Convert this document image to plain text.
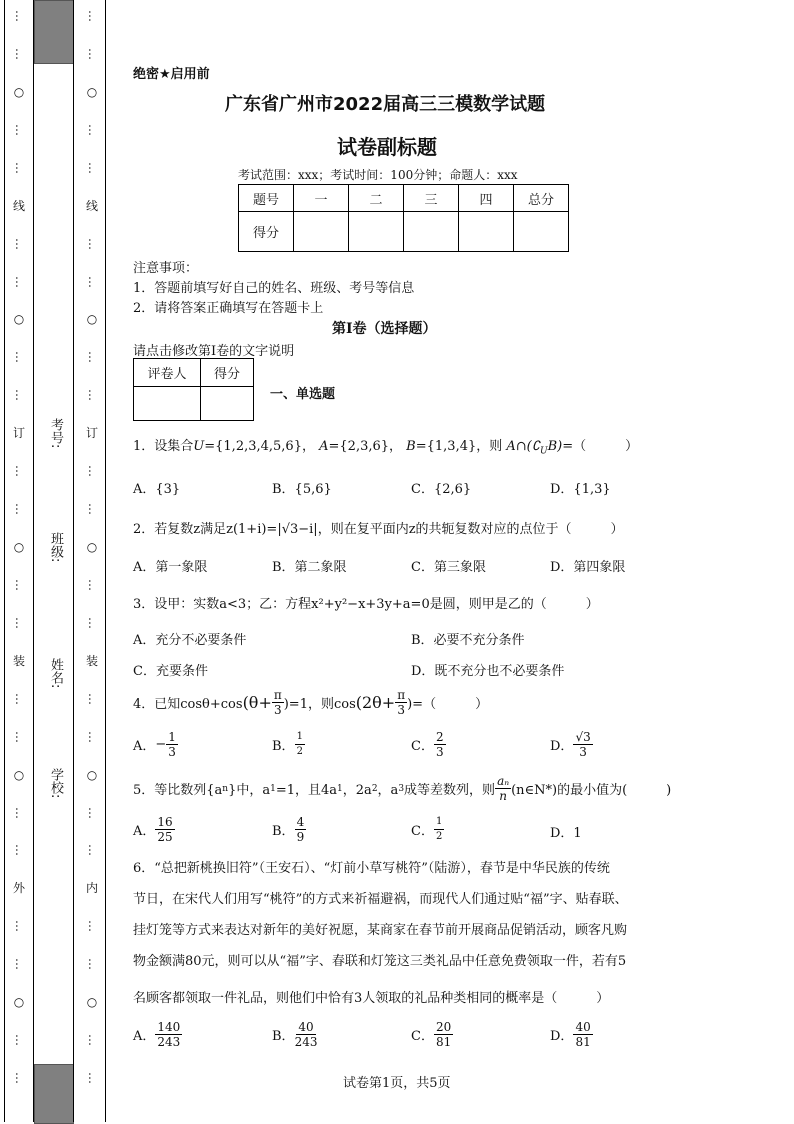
…
…
○
…
…
线
…
…
○
…
…
订
…
…
○
…
…
装
…
…
○
…
…
外
…
…
○
…
…
考号:
班级:
姓名:
学校:
…
…
○
…
…
线
…
…
○
…
…
订
…
…
○
…
…
装
…
…
○
…
…
内
…
…
○
…
…
绝密★启用前
广东省广州市2022届高三三模数学试题
试卷副标题
考试范围：xxx；考试时间：100分钟；命题人：xxx
题号	一	二	三	四	总分
得分					
注意事项：
1．答题前填写好自己的姓名、班级、考号等信息
2．请将答案正确填写在答题卡上
第I卷（选择题）
请点击修改第I卷的文字说明
评卷人	得分

一、单选题
1．设集合U={1,2,3,4,5,6}， A={2,3,6}， B={1,3,4}，则 $A\cap(∁_UB)=$（　　　）
A．{3}	B．{5,6}	C．{2,6}	D．{1,3}
2．若复数z满足z(1+i)=|√3−i|，则在复平面内z的共轭复数对应的点位于（　　　）
A．第一象限	B．第二象限	C．第三象限	D．第四象限
3．设甲：实数a<3；乙：方程x²+y²−x+3y+a=0是圆，则甲是乙的（　　　）
A．充分不必要条件	B．必要不充分条件
C．充要条件	D．既不充分也不必要条件
4．已知cosθ+cos $(\theta+ \frac{\pi}{3} )=1$，则$\cos (2\theta+ \frac{\pi}{3}$ )=（　　　）
A． − $\frac{1}{3}$	B． $\frac{1}{2}$	C． $\frac{2}{3}$	D． $\frac{√3}{3}$
5．等比数列{a n }中，a 1 =1，且4a 1 ，2a 2 ，a 3 成等差数列，则 $\frac{\text{aₙ}}{n}$ (n∈N*)的最小值为(　　　)
A． $\frac{16}{25}$	B． $\frac{4}{9}$	C． $\frac{1}{2}$	D．1
6．“总把新桃换旧符”（王安石）、“灯前小草写桃符”（陆游），春节是中华民族的传统
节日，在宋代人们用写“桃符”的方式来祈福避祸，而现代人们通过贴“福”字、贴春联、
挂灯笼等方式来表达对新年的美好祝愿，某商家在春节前开展商品促销活动，顾客凡购
物金额满80元，则可以从“福”字、春联和灯笼这三类礼品中任意免费领取一件，若有5
名顾客都领取一件礼品，则他们中恰有3人领取的礼品种类相同的概率是（　　　）
A． $\frac{140}{243}$	B． $\frac{40}{243}$	C． $\frac{20}{81}$	D． $\frac{40}{81}$
试卷第1页，共5页
